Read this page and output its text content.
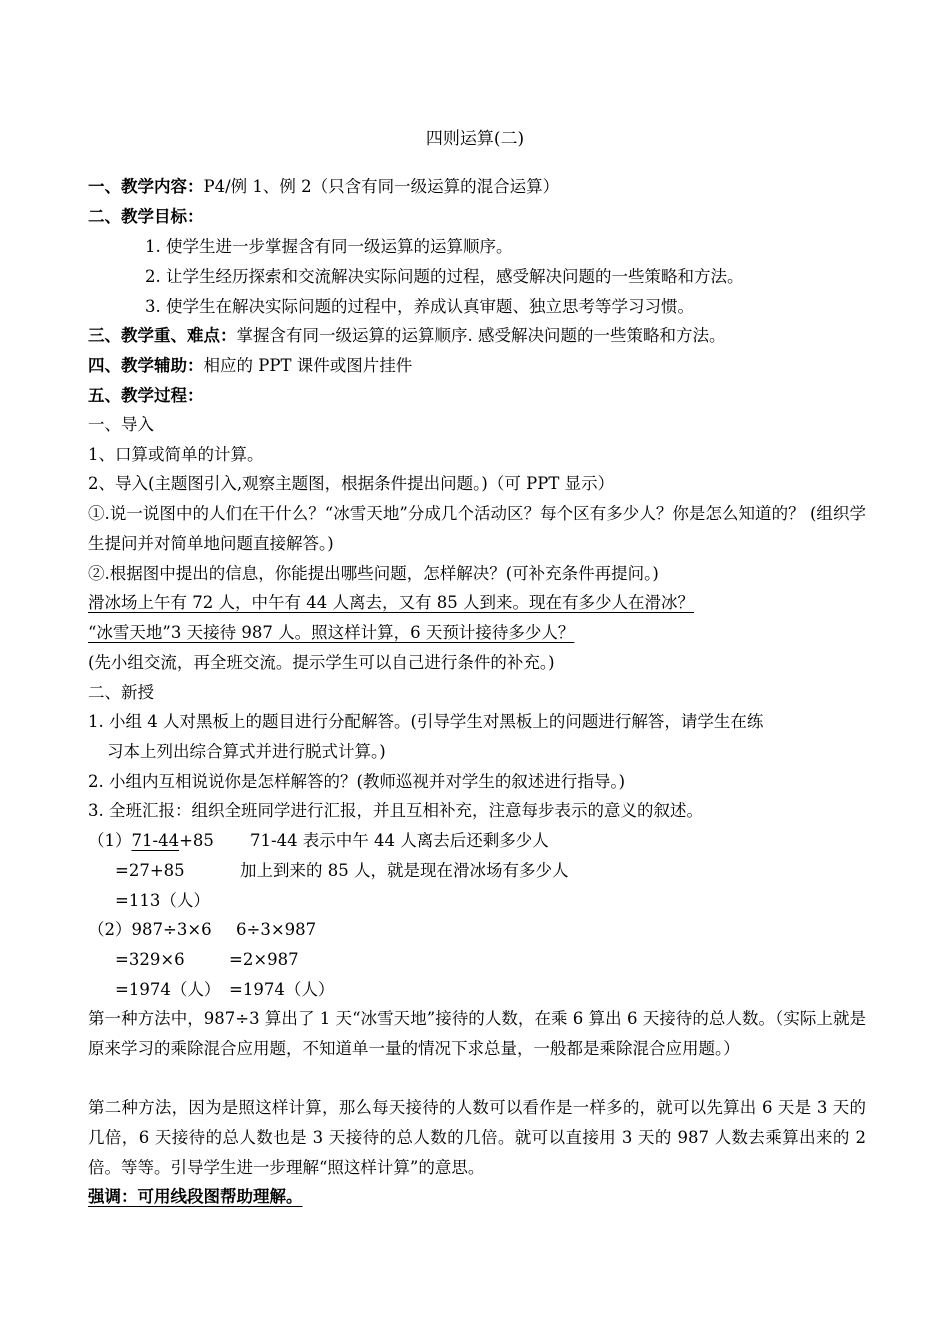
四则运算(二)
一、教学内容：P4/例 1、例 2（只含有同一级运算的混合运算）
二、教学目标：
1. 使学生进一步掌握含有同一级运算的运算顺序。
2. 让学生经历探索和交流解决实际问题的过程，感受解决问题的一些策略和方法。
3. 使学生在解决实际问题的过程中，养成认真审题、独立思考等学习习惯。
三、教学重、难点：掌握含有同一级运算的运算顺序. 感受解决问题的一些策略和方法。
四、教学辅助：相应的 PPT 课件或图片挂件
五、教学过程：
一、导入
1、口算或简单的计算。
2、导入(主题图引入,观察主题图，根据条件提出问题。)（可 PPT 显示）
①.说一说图中的人们在干什么？“冰雪天地”分成几个活动区？每个区有多少人？你是怎么知道的？ (组织学生提问并对简单地问题直接解答。)
②.根据图中提出的信息，你能提出哪些问题，怎样解决？(可补充条件再提问。)
滑冰场上午有 72 人，中午有 44 人离去，又有 85 人到来。现在有多少人在滑冰？
“冰雪天地”3 天接待 987 人。照这样计算，6 天预计接待多少人？
(先小组交流，再全班交流。提示学生可以自己进行条件的补充。)
二、新授
1. 小组 4 人对黑板上的题目进行分配解答。(引导学生对黑板上的问题进行解答，请学生在练
习本上列出综合算式并进行脱式计算。)
2. 小组内互相说说你是怎样解答的？(教师巡视并对学生的叙述进行指导。)
3. 全班汇报：组织全班同学进行汇报，并且互相补充，注意每步表示的意义的叙述。
（1）71-44+85 71-44 表示中午 44 人离去后还剩多少人
=27+85	加上到来的 85 人，就是现在滑冰场有多少人
=113（人）
（2）987÷3×6 6÷3×987
=329×6	=2×987
=1974（人） =1974（人）
第一种方法中，987÷3 算出了 1 天“冰雪天地”接待的人数，在乘 6 算出 6 天接待的总人数。（实际上就是原来学习的乘除混合应用题，不知道单一量的情况下求总量，一般都是乘除混合应用题。）
第二种方法，因为是照这样计算，那么每天接待的人数可以看作是一样多的，就可以先算出 6 天是 3 天的几倍，6 天接待的总人数也是 3 天接待的总人数的几倍。就可以直接用 3 天的 987 人数去乘算出来的 2 倍。等等。引导学生进一步理解“照这样计算”的意思。
强调：可用线段图帮助理解。
